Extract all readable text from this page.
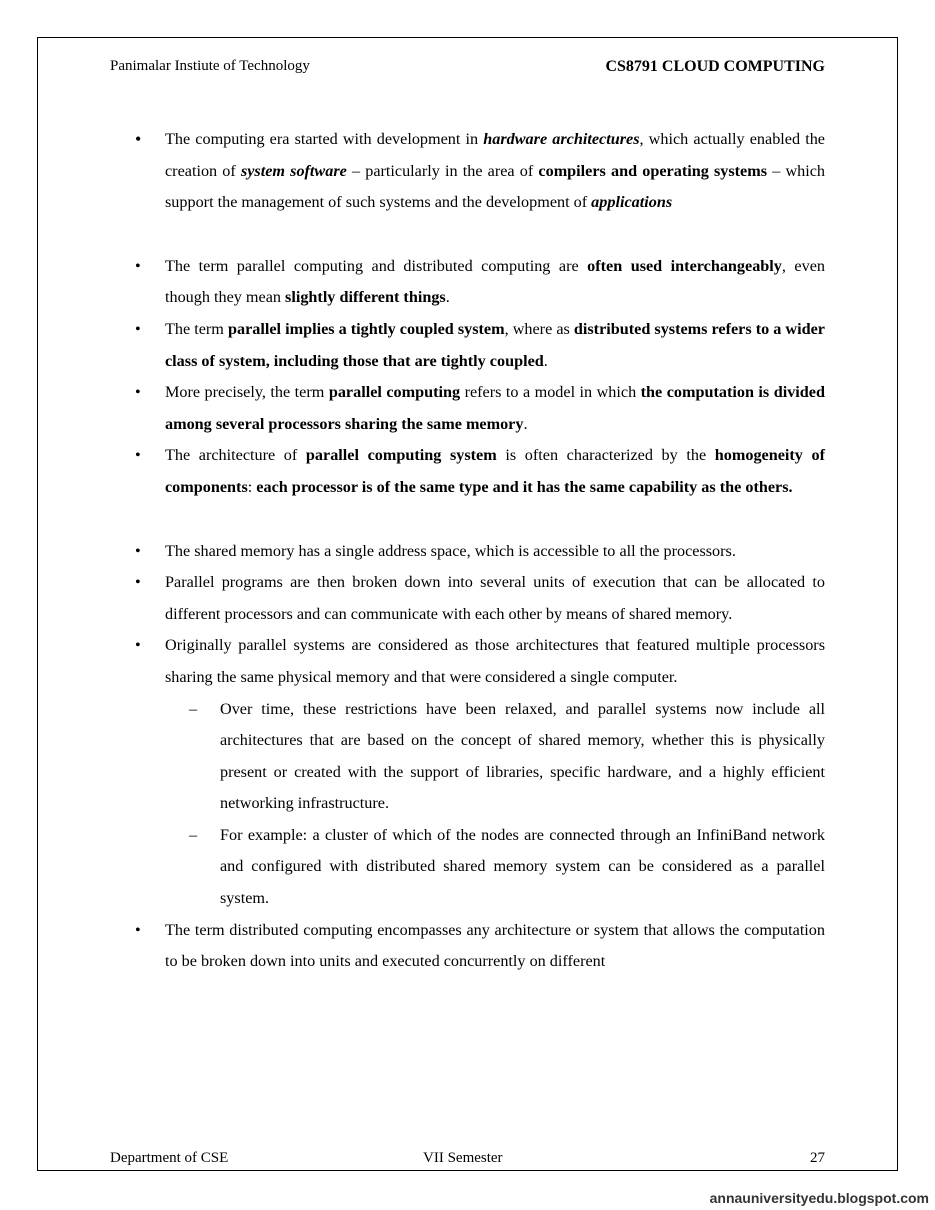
Panimalar Instiute of Technology	CS8791 CLOUD COMPUTING
• The computing era started with development in hardware architectures, which actually enabled the creation of system software – particularly in the area of compilers and operating systems – which support the management of such systems and the development of applications
• The term parallel computing and distributed computing are often used interchangeably, even though they mean slightly different things.
• The term parallel implies a tightly coupled system, where as distributed systems refers to a wider class of system, including those that are tightly coupled.
• More precisely, the term parallel computing refers to a model in which the computation is divided among several processors sharing the same memory.
• The architecture of parallel computing system is often characterized by the homogeneity of components: each processor is of the same type and it has the same capability as the others.
• The shared memory has a single address space, which is accessible to all the processors.
• Parallel programs are then broken down into several units of execution that can be allocated to different processors and can communicate with each other by means of shared memory.
• Originally parallel systems are considered as those architectures that featured multiple processors sharing the same physical memory and that were considered a single computer.
– Over time, these restrictions have been relaxed, and parallel systems now include all architectures that are based on the concept of shared memory, whether this is physically present or created with the support of libraries, specific hardware, and a highly efficient networking infrastructure.
– For example: a cluster of which of the nodes are connected through an InfiniBand network and configured with distributed shared memory system can be considered as a parallel system.
• The term distributed computing encompasses any architecture or system that allows the computation to be broken down into units and executed concurrently on different
Department of CSE	VII Semester	27
annauniversityedu.blogspot.com
